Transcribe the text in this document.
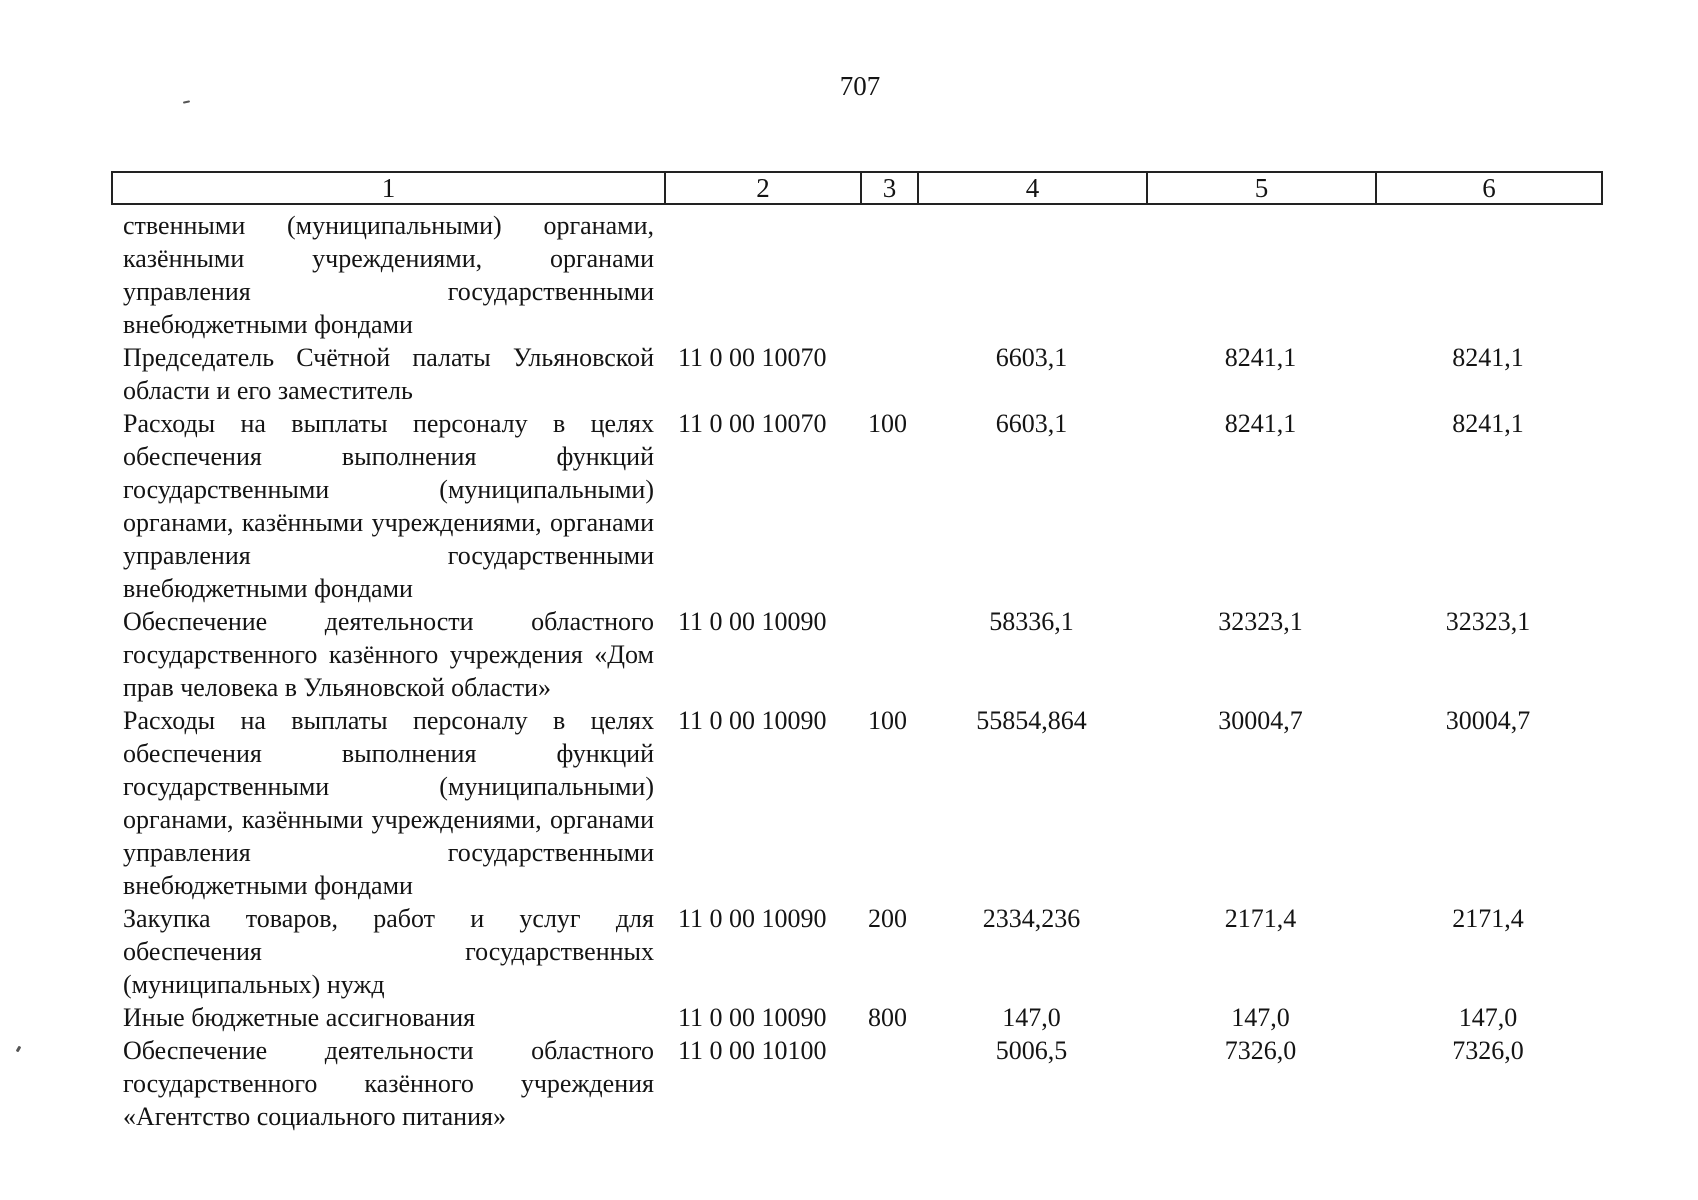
707
1	2	3	4	5	6
ственными (муниципальными) органами, казёнными учреждениями, органами управления государственными внебюджетными фондами					
Председатель Счётной палаты Ульяновской области и его заместитель	11 0 00 10070		6603,1	8241,1	8241,1
Расходы на выплаты персоналу в целях обеспечения выполнения функций государственными (муниципальными) органами, казёнными учреждениями, органами управления государственными внебюджетными фондами	11 0 00 10070	100	6603,1	8241,1	8241,1
Обеспечение деятельности областного государственного казённого учреждения «Дом прав человека в Ульяновской области»	11 0 00 10090		58336,1	32323,1	32323,1
Расходы на выплаты персоналу в целях обеспечения выполнения функций государственными (муниципальными) органами, казёнными учреждениями, органами управления государственными внебюджетными фондами	11 0 00 10090	100	55854,864	30004,7	30004,7
Закупка товаров, работ и услуг для обеспечения государственных (муниципальных) нужд	11 0 00 10090	200	2334,236	2171,4	2171,4
Иные бюджетные ассигнования	11 0 00 10090	800	147,0	147,0	147,0
Обеспечение деятельности областного государственного казённого учреждения «Агентство социального питания»	11 0 00 10100		5006,5	7326,0	7326,0
